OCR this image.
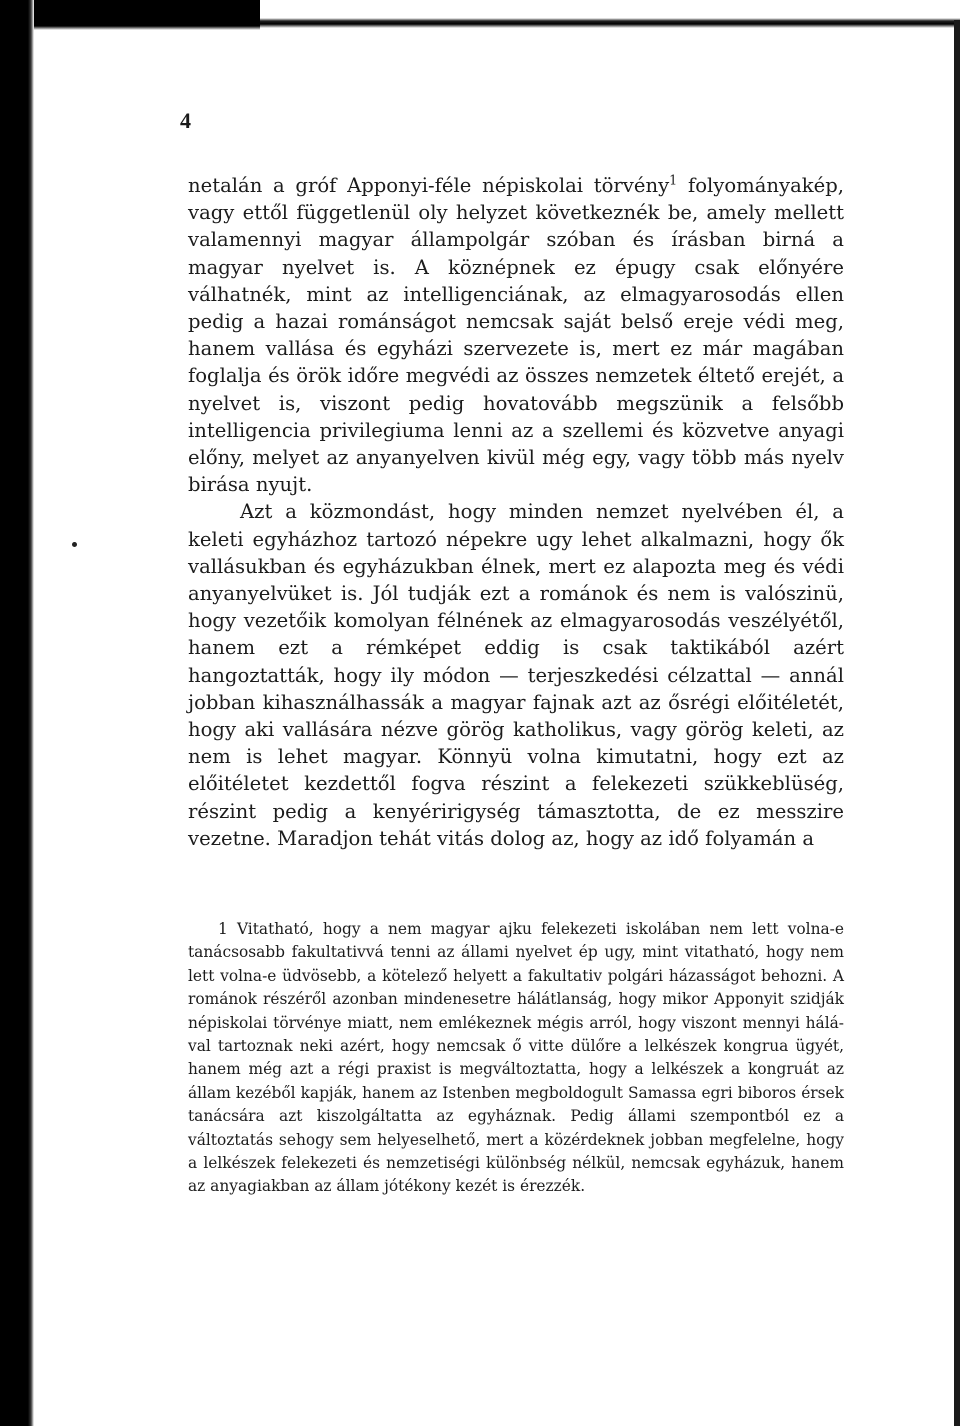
4

netalán a gróf Apponyi-féle népiskolai törvény$^1$ folyományakép, vagy ettől függetlenül oly helyzet következnék be, amely mellett valamennyi magyar állampolgár szóban és írásban birná a magyar nyelvet is. A köznépnek ez épugy csak előnyére válhatnék, mint az intelligenciának, az elmagyarosodás ellen pedig a hazai románságot nemcsak saját belső ereje védi meg, hanem vallása és egyházi szervezete is, mert ez már magában foglalja és örök időre megvédi az összes nemzetek éltető erejét, a nyelvet is, viszont pedig hovatovább megszünik a felsőbb intelligencia privilegiuma lenni az a szellemi és közvetve anyagi előny, melyet az anyanyelven kivül még egy, vagy több más nyelv birása nyujt.

Azt a közmondást, hogy minden nemzet nyelvében él, a keleti egyházhoz tartozó népekre ugy lehet alkalmazni, hogy ők vallásukban és egyházukban élnek, mert ez alapozta meg és védi anyanyelvüket is. Jól tudják ezt a románok és nem is valószinü, hogy vezetőik komolyan félnének az elmagyarosodás veszélyétől, hanem ezt a rémképet eddig is csak taktikából azért hangoztatták, hogy ily módon — terjeszkedési célzattal — annál jobban kihasználhassák a magyar fajnak azt az ősrégi előitéletét, hogy aki vallására nézve görög katholikus, vagy görög keleti, az nem is lehet magyar. Könnyü volna kimutatni, hogy ezt az előitéletet kezdettől fogva részint a felekezeti szükkeblüség, részint pedig a kenyéririgység támasztotta, de ez messzire vezetne. Maradjon tehát vitás dolog az, hogy az idő folyamán a

1 Vitatható, hogy a nem magyar ajku felekezeti iskolában nem lett volna-e tanácsosabb fakultativvá tenni az állami nyelvet ép ugy, mint vitatható, hogy nem lett volna-e üdvösebb, a kötelező helyett a fakultativ polgári házasságot behozni. A románok részéről azonban mindenesetre hálátlanság, hogy mikor Apponyit szidják népiskolai törvénye miatt, nem emlékeznek mégis arról, hogy viszont mennyi hálával tartoznak neki azért, hogy nemcsak ő vitte dülőre a lelkészek kongrua ügyét, hanem még azt a régi praxist is megváltoztatta, hogy a lelkészek a kongruát az állam kezéből kapják, hanem az Istenben megboldogult Samassa egri biboros érsek tanácsára azt kiszolgáltatta az egyháznak. Pedig állami szempontból ez a változtatás sehogy sem helyeselhető, mert a közérdeknek jobban megfelelne, hogy a lelkészek felekezeti és nemzetiségi különbség nélkül, nemcsak egyházuk, hanem az anyagiakban az állam jótékony kezét is érezzék.
